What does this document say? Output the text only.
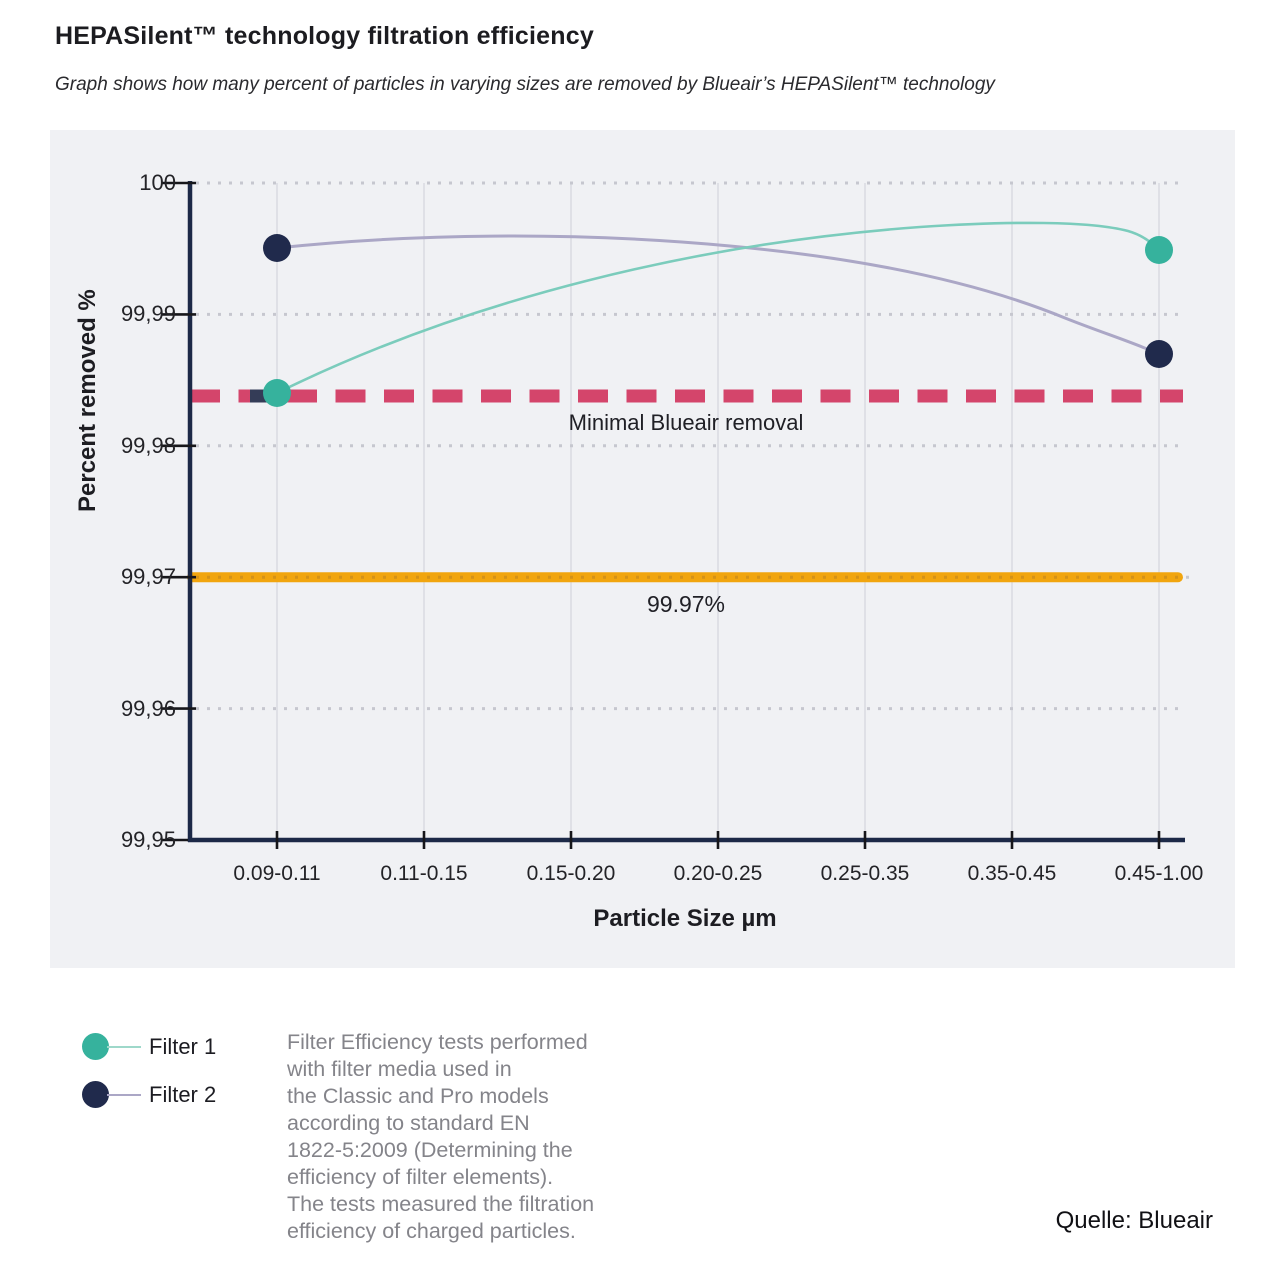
HEPASilent™ technology filtration efficiency
Graph shows how many percent of particles in varying sizes are removed by Blueair’s HEPASilent™ technology
100
99,99
99,98
99,97
99,96
99,95
0.09-0.11	0.11-0.15	0.15-0.20	0.20-0.25	0.25-0.35	0.35-0.45	0.45-1.00
Particle Size µm
Minimal Blueair removal
99.97%
Filter 1
Filter 2
Filter Efficiency tests performed
with filter media used in
the Classic and Pro models
according to standard EN
1822-5:2009 (Determining the
efficiency of filter elements).
The tests measured the filtration
efficiency of charged particles.	Quelle: Blueair
